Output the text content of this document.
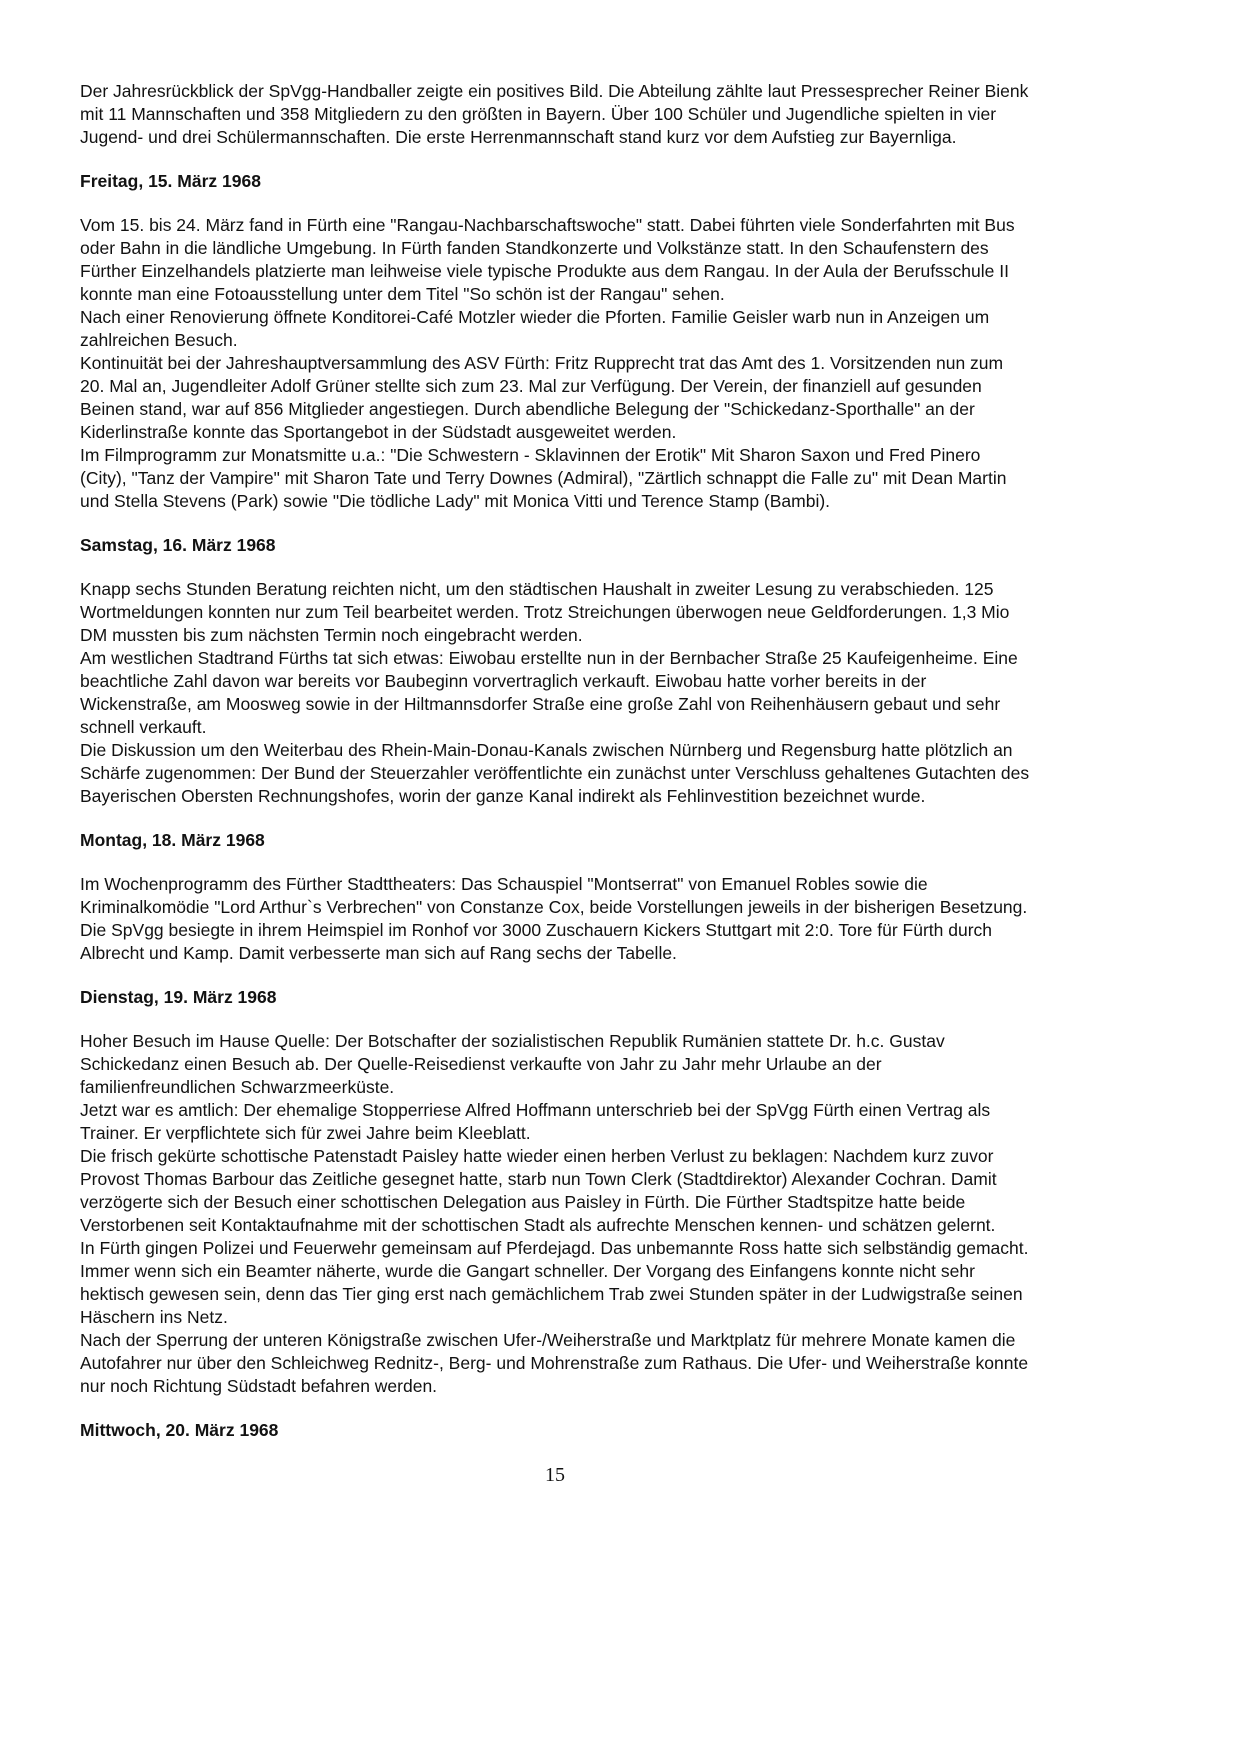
Der Jahresrückblick der SpVgg-Handballer zeigte ein positives Bild. Die Abteilung zählte laut Pressesprecher Reiner Bienk mit 11 Mannschaften und 358 Mitgliedern zu den größten in Bayern. Über 100 Schüler und Jugendliche spielten in vier Jugend- und drei Schülermannschaften. Die erste Herrenmannschaft stand kurz vor dem Aufstieg zur Bayernliga.

Freitag, 15. März 1968

Vom 15. bis 24. März fand in Fürth eine "Rangau-Nachbarschaftswoche" statt. Dabei führten viele Sonderfahrten mit Bus oder Bahn in die ländliche Umgebung. In Fürth fanden Standkonzerte und Volkstänze statt. In den Schaufenstern des Fürther Einzelhandels platzierte man leihweise viele typische Produkte aus dem Rangau. In der Aula der Berufsschule II konnte man eine Fotoausstellung unter dem Titel "So schön ist der Rangau" sehen.

Nach einer Renovierung öffnete Konditorei-Café Motzler wieder die Pforten. Familie Geisler warb nun in Anzeigen um zahlreichen Besuch.

Kontinuität bei der Jahreshauptversammlung des ASV Fürth: Fritz Rupprecht trat das Amt des 1. Vorsitzenden nun zum 20. Mal an, Jugendleiter Adolf Grüner stellte sich zum 23. Mal zur Verfügung. Der Verein, der finanziell auf gesunden Beinen stand, war auf 856 Mitglieder angestiegen. Durch abendliche Belegung der "Schickedanz-Sporthalle" an der Kiderlinstraße konnte das Sportangebot in der Südstadt ausgeweitet werden.

Im Filmprogramm zur Monatsmitte u.a.: "Die Schwestern - Sklavinnen der Erotik" Mit Sharon Saxon und Fred Pinero (City), "Tanz der Vampire" mit Sharon Tate und Terry Downes (Admiral), "Zärtlich schnappt die Falle zu" mit Dean Martin und Stella Stevens (Park) sowie "Die tödliche Lady" mit Monica Vitti und Terence Stamp (Bambi).

Samstag, 16. März 1968

Knapp sechs Stunden Beratung reichten nicht, um den städtischen Haushalt in zweiter Lesung zu verabschieden. 125 Wortmeldungen konnten nur zum Teil bearbeitet werden. Trotz Streichungen überwogen neue Geldforderungen. 1,3 Mio DM mussten bis zum nächsten Termin noch eingebracht werden.

Am westlichen Stadtrand Fürths tat sich etwas: Eiwobau erstellte nun in der Bernbacher Straße 25 Kaufeigenheime. Eine beachtliche Zahl davon war bereits vor Baubeginn vorvertraglich verkauft. Eiwobau hatte vorher bereits in der Wickenstraße, am Moosweg sowie in der Hiltmannsdorfer Straße eine große Zahl von Reihenhäusern gebaut und sehr schnell verkauft.

Die Diskussion um den Weiterbau des Rhein-Main-Donau-Kanals zwischen Nürnberg und Regensburg hatte plötzlich an Schärfe zugenommen: Der Bund der Steuerzahler veröffentlichte ein zunächst unter Verschluss gehaltenes Gutachten des Bayerischen Obersten Rechnungshofes, worin der ganze Kanal indirekt als Fehlinvestition bezeichnet wurde.

Montag, 18. März 1968

Im Wochenprogramm des Fürther Stadttheaters: Das Schauspiel "Montserrat" von Emanuel Robles sowie die Kriminalkomödie "Lord Arthur`s Verbrechen" von Constanze Cox, beide Vorstellungen jeweils in der bisherigen Besetzung.

Die SpVgg besiegte in ihrem Heimspiel im Ronhof vor 3000 Zuschauern Kickers Stuttgart mit 2:0. Tore für Fürth durch Albrecht und Kamp. Damit verbesserte man sich auf Rang sechs der Tabelle.

Dienstag, 19. März 1968

Hoher Besuch im Hause Quelle: Der Botschafter der sozialistischen Republik Rumänien stattete Dr. h.c. Gustav Schickedanz einen Besuch ab. Der Quelle-Reisedienst verkaufte von Jahr zu Jahr mehr Urlaube an der familienfreundlichen Schwarzmeerküste.

Jetzt war es amtlich: Der ehemalige Stopperriese Alfred Hoffmann unterschrieb bei der SpVgg Fürth einen Vertrag als Trainer. Er verpflichtete sich für zwei Jahre beim Kleeblatt.

Die frisch gekürte schottische Patenstadt Paisley hatte wieder einen herben Verlust zu beklagen: Nachdem kurz zuvor Provost Thomas Barbour das Zeitliche gesegnet hatte, starb nun Town Clerk (Stadtdirektor) Alexander Cochran. Damit verzögerte sich der Besuch einer schottischen Delegation aus Paisley in Fürth. Die Fürther Stadtspitze hatte beide Verstorbenen seit Kontaktaufnahme mit der schottischen Stadt als aufrechte Menschen kennen- und schätzen gelernt.

In Fürth gingen Polizei und Feuerwehr gemeinsam auf Pferdejagd. Das unbemannte Ross hatte sich selbständig gemacht. Immer wenn sich ein Beamter näherte, wurde die Gangart schneller. Der Vorgang des Einfangens konnte nicht sehr hektisch gewesen sein, denn das Tier ging erst nach gemächlichem Trab zwei Stunden später in der Ludwigstraße seinen Häschern ins Netz.

Nach der Sperrung der unteren Königstraße zwischen Ufer-/Weiherstraße und Marktplatz für mehrere Monate kamen die Autofahrer nur über den Schleichweg Rednitz-, Berg- und Mohrenstraße zum Rathaus. Die Ufer- und Weiherstraße konnte nur noch Richtung Südstadt befahren werden.

Mittwoch, 20. März 1968
15
